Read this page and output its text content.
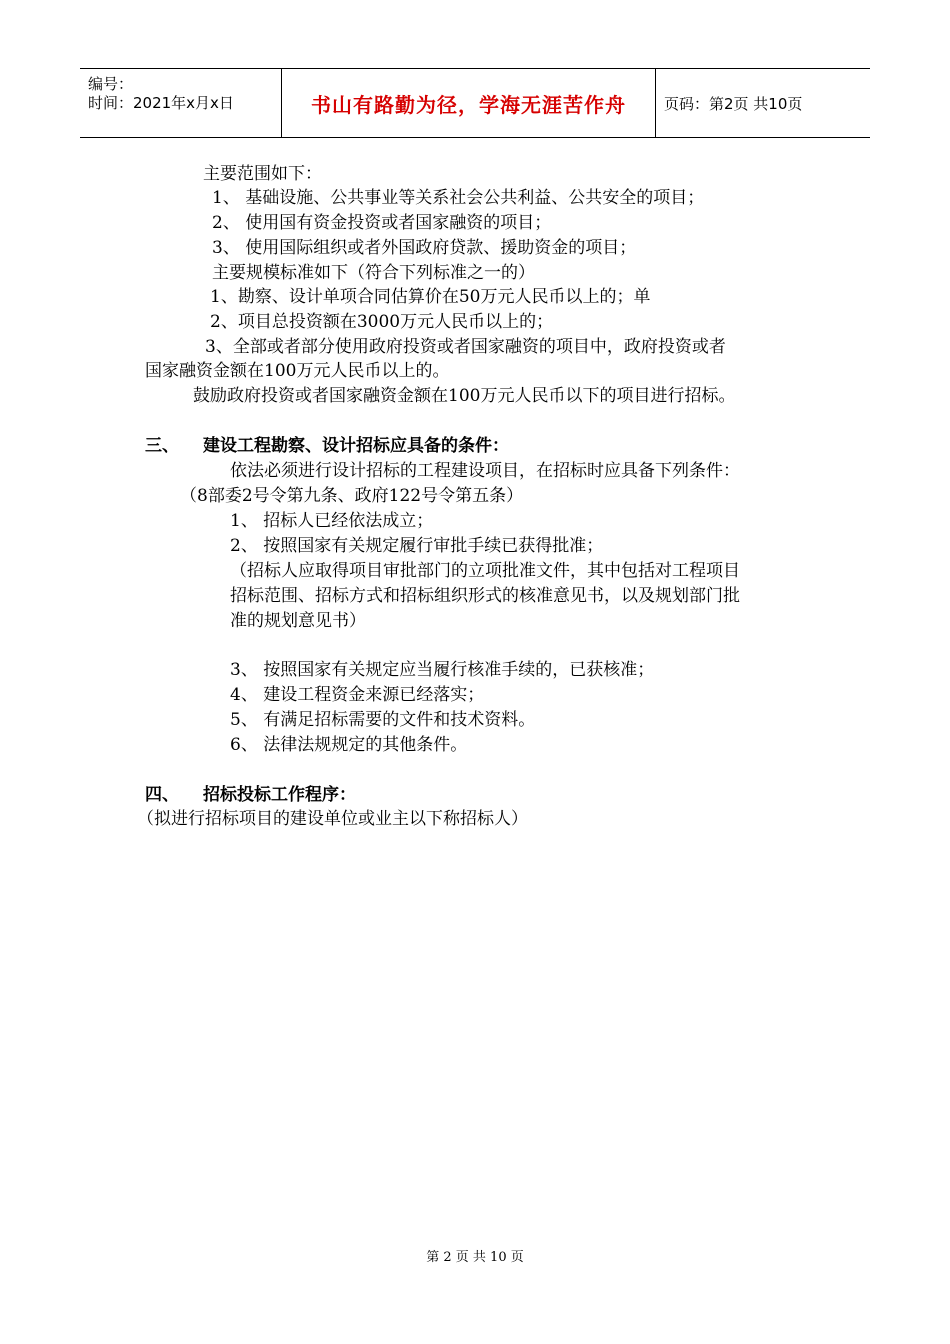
编号：
时间：2021年x月x日	书山有路勤为径，学海无涯苦作舟	页码：第2页 共10页
主要范围如下：
1、 基础设施、公共事业等关系社会公共利益、公共安全的项目；
2、 使用国有资金投资或者国家融资的项目；
3、 使用国际组织或者外国政府贷款、援助资金的项目；
主要规模标准如下（符合下列标准之一的）
1、勘察、设计单项合同估算价在50万元人民币以上的；单
2、项目总投资额在3000万元人民币以上的；
3、全部或者部分使用政府投资或者国家融资的项目中，政府投资或者
国家融资金额在100万元人民币以上的。
鼓励政府投资或者国家融资金额在100万元人民币以下的项目进行招标。
三、 建设工程勘察、设计招标应具备的条件：
依法必须进行设计招标的工程建设项目，在招标时应具备下列条件：
（8部委2号令第九条、政府122号令第五条）
1、 招标人已经依法成立；
2、 按照国家有关规定履行审批手续已获得批准；
（招标人应取得项目审批部门的立项批准文件，其中包括对工程项目
招标范围、招标方式和招标组织形式的核准意见书，以及规划部门批
准的规划意见书）
3、 按照国家有关规定应当履行核准手续的，已获核准；
4、 建设工程资金来源已经落实；
5、 有满足招标需要的文件和技术资料。
6、 法律法规规定的其他条件。
四、 招标投标工作程序：
（拟进行招标项目的建设单位或业主以下称招标人）
第 2 页 共 10 页
